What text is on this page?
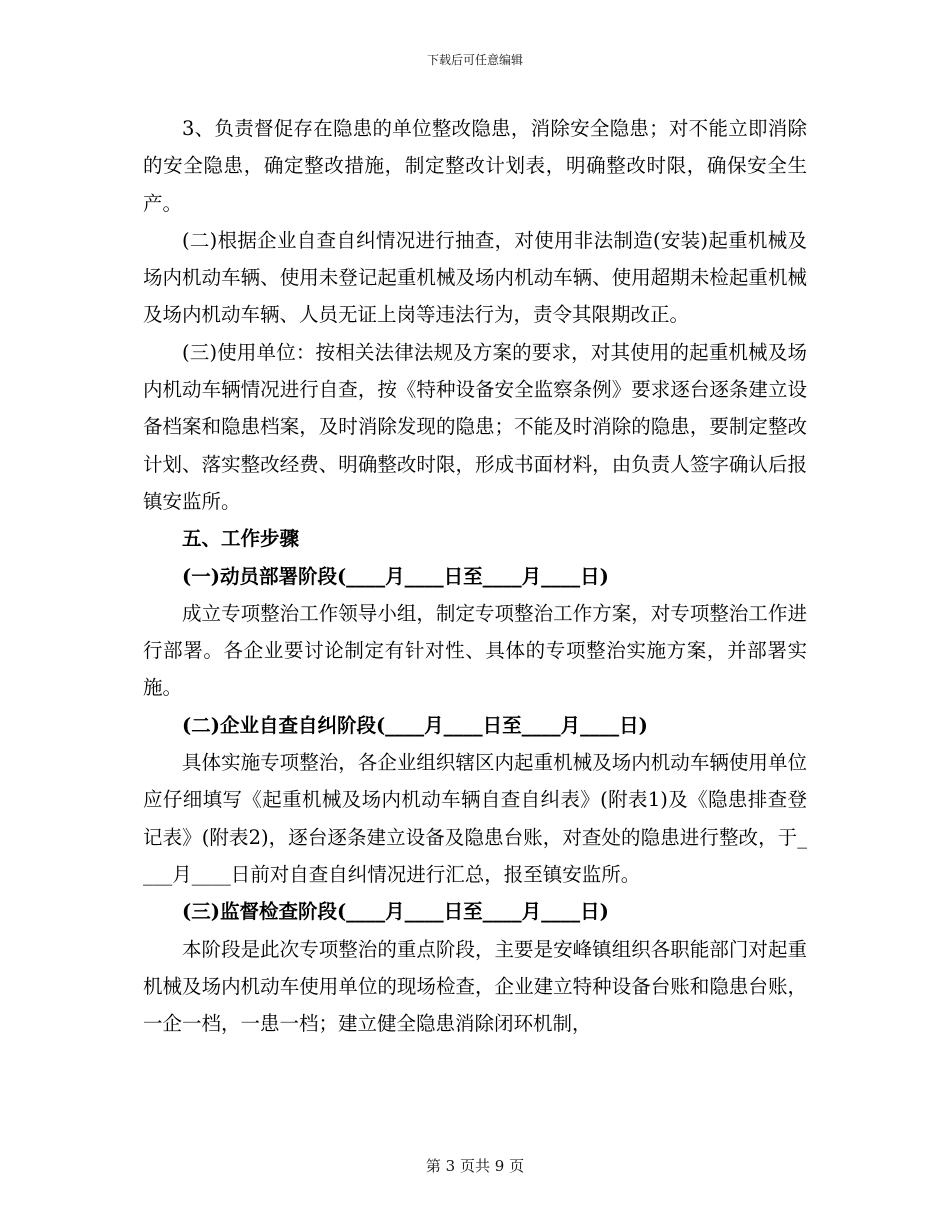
下载后可任意编辑

3、负责督促存在隐患的单位整改隐患，消除安全隐患；对不能立即消除的安全隐患，确定整改措施，制定整改计划表，明确整改时限，确保安全生产。

(二)根据企业自查自纠情况进行抽查，对使用非法制造(安装)起重机械及场内机动车辆、使用未登记起重机械及场内机动车辆、使用超期未检起重机械及场内机动车辆、人员无证上岗等违法行为，责令其限期改正。

(三)使用单位：按相关法律法规及方案的要求，对其使用的起重机械及场内机动车辆情况进行自查，按《特种设备安全监察条例》要求逐台逐条建立设备档案和隐患档案，及时消除发现的隐患；不能及时消除的隐患，要制定整改计划、落实整改经费、明确整改时限，形成书面材料，由负责人签字确认后报镇安监所。

五、工作步骤

(一)动员部署阶段(____月____日至____月____日)

成立专项整治工作领导小组，制定专项整治工作方案，对专项整治工作进行部署。各企业要讨论制定有针对性、具体的专项整治实施方案，并部署实施。

(二)企业自查自纠阶段(____月____日至____月____日)

具体实施专项整治，各企业组织辖区内起重机械及场内机动车辆使用单位应仔细填写《起重机械及场内机动车辆自查自纠表》(附表1)及《隐患排查登记表》(附表2)，逐台逐条建立设备及隐患台账，对查处的隐患进行整改，于____月____日前对自查自纠情况进行汇总，报至镇安监所。

(三)监督检查阶段(____月____日至____月____日)

本阶段是此次专项整治的重点阶段，主要是安峰镇组织各职能部门对起重机械及场内机动车使用单位的现场检查，企业建立特种设备台账和隐患台账，一企一档，一患一档；建立健全隐患消除闭环机制，

第 3 页共 9 页
